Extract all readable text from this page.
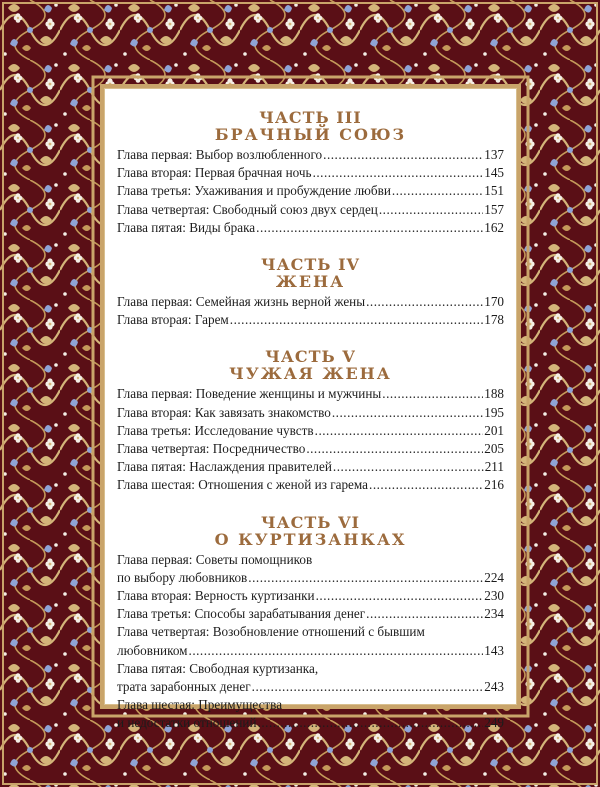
ЧАСТЬ III
БРАЧНЫЙ СОЮЗ
Глава первая: Выбор возлюбленного .....	137
Глава вторая: Первая брачная ночь .....	145
Глава третья: Ухаживания и пробуждение любви .....	151
Глава четвертая: Свободный союз двух сердец .....	157
Глава пятая: Виды брака .....	162
ЧАСТЬ IV
ЖЕНА
Глава первая: Семейная жизнь верной жены .....	170
Глава вторая: Гарем .....	178
ЧАСТЬ V
ЧУЖАЯ ЖЕНА
Глава первая: Поведение женщины и мужчины .....	188
Глава вторая: Как завязать знакомство .....	195
Глава третья: Исследование чувств .....	201
Глава четвертая: Посредничество .....	205
Глава пятая: Наслаждения правителей .....	211
Глава шестая: Отношения с женой из гарема .....	216
ЧАСТЬ VI
О КУРТИЗАНКАХ
Глава первая: Советы помощников
по выбору любовников .....	224
Глава вторая: Верность куртизанки .....	230
Глава третья: Способы зарабатывания денег .....	234
Глава четвертая: Возобновление отношений с бывшим
любовником .....	143
Глава пятая: Свободная куртизанка,
трата зарабонных денег .....	243
Глава шестая: Преимущества
и недостатки отношений .....	249
